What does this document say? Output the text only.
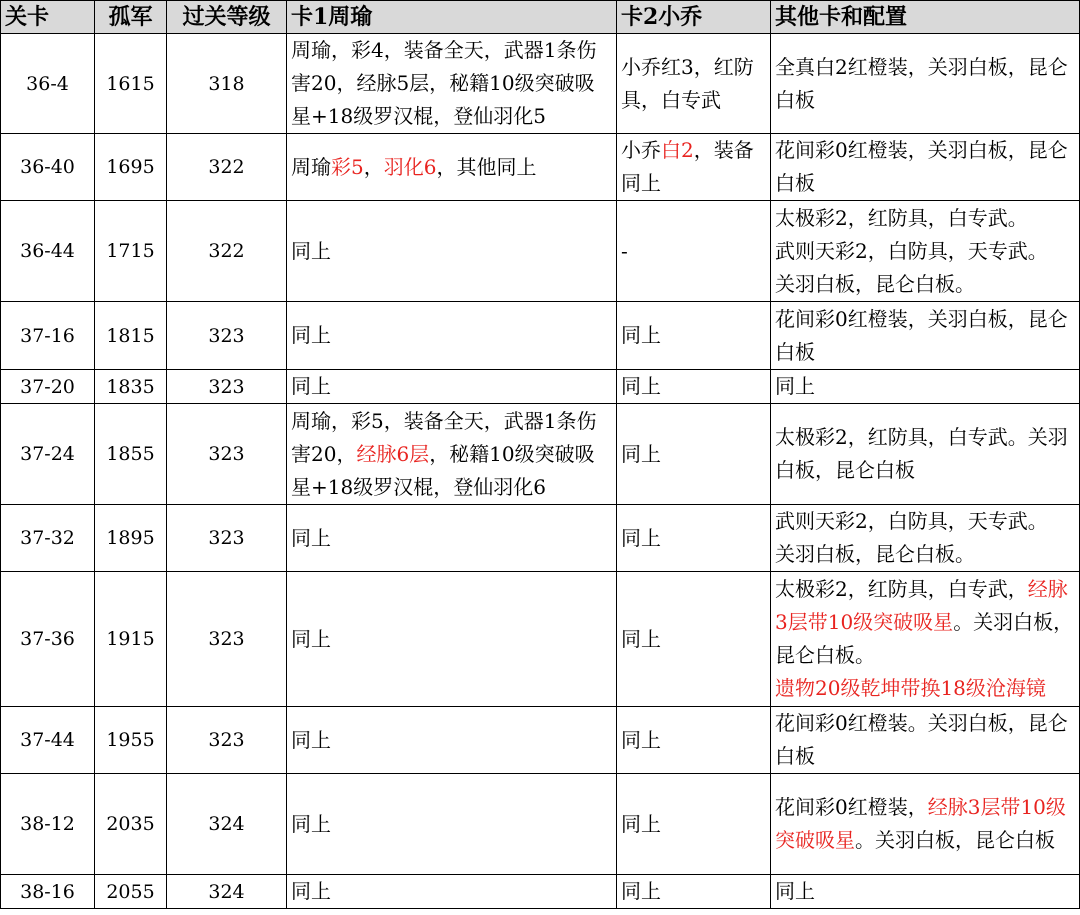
关卡	孤军	过关等级	卡1周瑜	卡2小乔	其他卡和配置
36-4	1615	318	周瑜，彩4，装备全天，武器1条伤害20，经脉5层，秘籍10级突破吸星+18级罗汉棍，登仙羽化5	小乔红3，红防具，白专武	全真白2红橙装，关羽白板，昆仑白板
36-40	1695	322	周瑜彩5，羽化6，其他同上	小乔白2，装备同上	花间彩0红橙装，关羽白板，昆仑白板
36-44	1715	322	同上	-	太极彩2，红防具，白专武。
武则天彩2，白防具，天专武。
关羽白板，昆仑白板。
37-16	1815	323	同上	同上	花间彩0红橙装，关羽白板，昆仑白板
37-20	1835	323	同上	同上	同上
37-24	1855	323	周瑜，彩5，装备全天，武器1条伤害20，经脉6层，秘籍10级突破吸星+18级罗汉棍，登仙羽化6	同上	太极彩2，红防具，白专武。关羽白板，昆仑白板
37-32	1895	323	同上	同上	武则天彩2，白防具，天专武。
关羽白板，昆仑白板。
37-36	1915	323	同上	同上	太极彩2，红防具，白专武，经脉3层带10级突破吸星。关羽白板，昆仑白板。
遗物20级乾坤带换18级沧海镜
37-44	1955	323	同上	同上	花间彩0红橙装。关羽白板，昆仑白板
38-12	2035	324	同上	同上	花间彩0红橙装，经脉3层带10级突破吸星。关羽白板，昆仑白板
38-16	2055	324	同上	同上	同上
